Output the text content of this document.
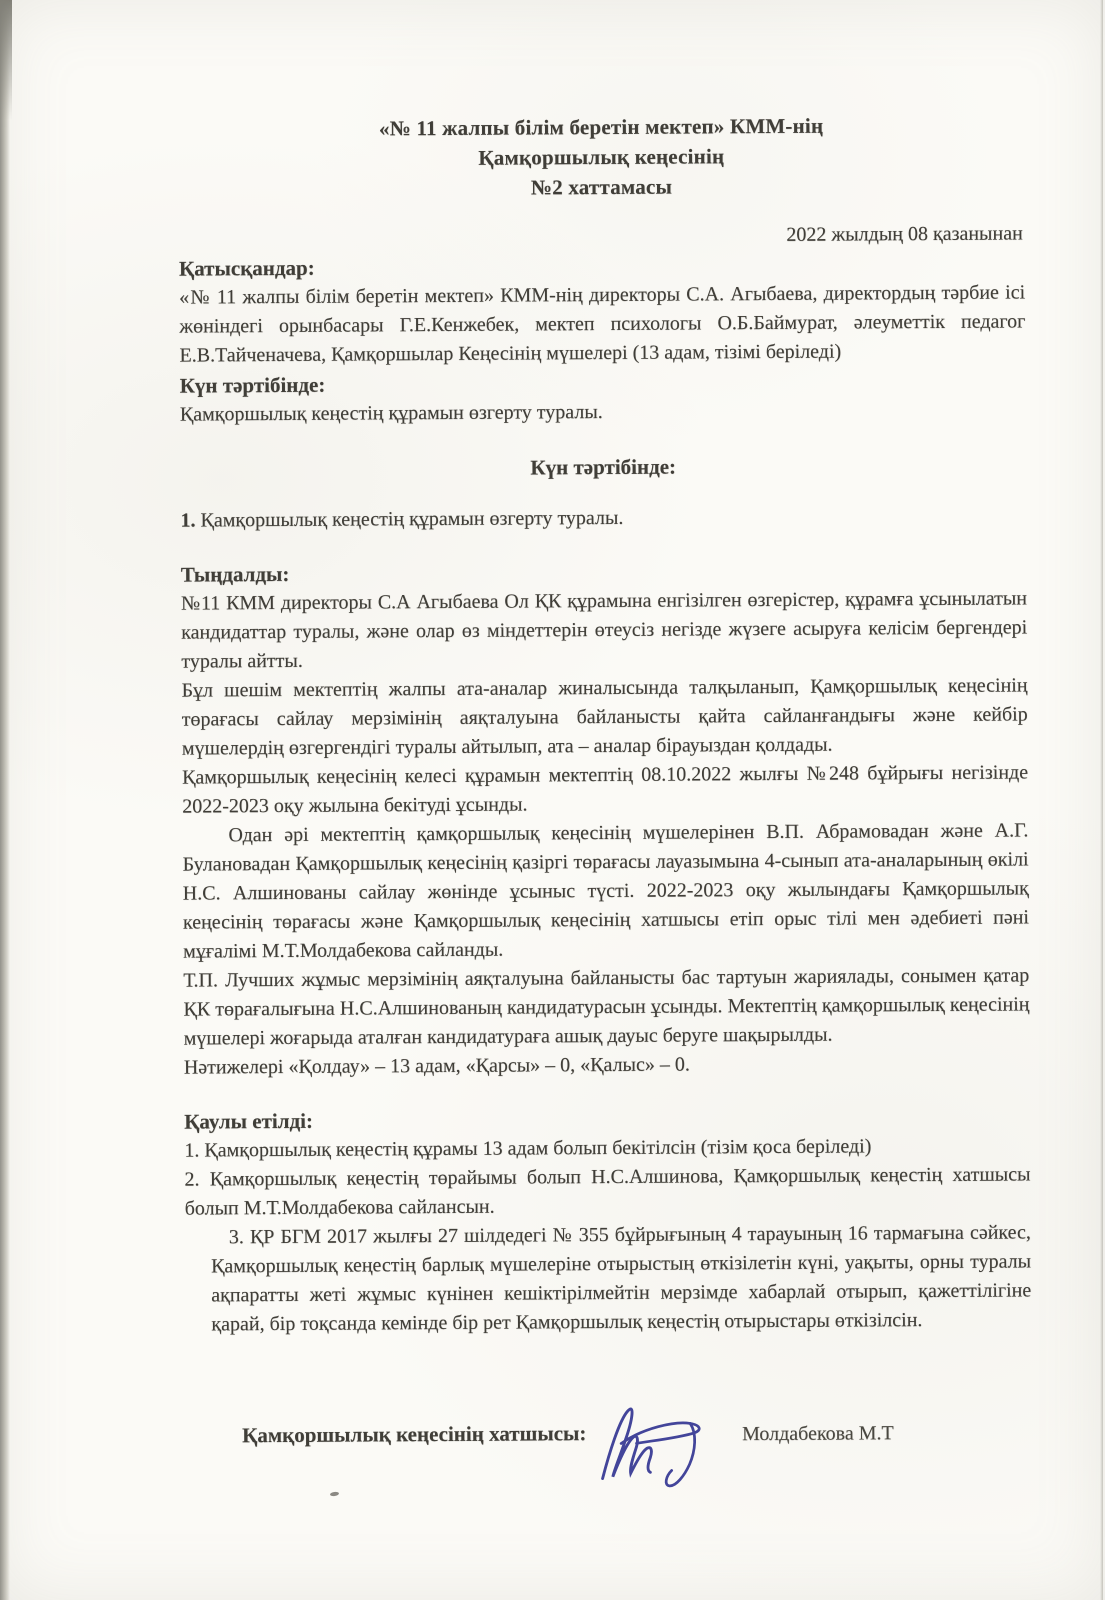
«№ 11 жалпы білім беретін мектеп» КММ-нің
Қамқоршылық кеңесінің
№2 хаттамасы
2022 жылдың 08 қазанынан
Қатысқандар:

«№ 11 жалпы білім беретін мектеп» КММ-нің директоры С.А. Агыбаева, директордың тәрбие ісі жөніндегі орынбасары Г.Е.Кенжебек, мектеп психологы О.Б.Баймурат, әлеуметтік педагог Е.В.Тайченачева, Қамқоршылар Кеңесінің мүшелері (13 адам, тізімі беріледі)

Күн тәртібінде:

Қамқоршылық кеңестің құрамын өзгерту туралы.

Күн тәртібінде:

1. Қамқоршылық кеңестің құрамын өзгерту туралы.

Тыңдалды:

№11 КММ директоры С.А Агыбаева Ол ҚК құрамына енгізілген өзгерістер, құрамға ұсынылатын кандидаттар туралы, және олар өз міндеттерін өтеусіз негізде жүзеге асыруға келісім бергендері туралы айтты.

Бұл шешім мектептің жалпы ата-аналар жиналысында талқыланып, Қамқоршылық кеңесінің төрағасы сайлау мерзімінің аяқталуына байланысты қайта сайланғандығы және кейбір мүшелердің өзгергендігі туралы айтылып, ата – аналар бірауыздан қолдады.

Қамқоршылық кеңесінің келесі құрамын мектептің 08.10.2022 жылғы №248 бұйрығы негізінде 2022-2023 оқу жылына бекітуді ұсынды.

Одан әрі мектептің қамқоршылық кеңесінің мүшелерінен В.П. Абрамовадан және А.Г. Булановадан Қамқоршылық кеңесінің қазіргі төрағасы лауазымына 4-сынып ата-аналарының өкілі Н.С. Алшинованы сайлау жөнінде ұсыныс түсті. 2022-2023 оқу жылындағы Қамқоршылық кеңесінің төрағасы және Қамқоршылық кеңесінің хатшысы етіп орыс тілі мен әдебиеті пәні мұғалімі М.Т.Молдабекова сайланды.

Т.П. Лучших жұмыс мерзімінің аяқталуына байланысты бас тартуын жариялады, сонымен қатар ҚК төрағалығына Н.С.Алшинованың кандидатурасын ұсынды. Мектептің қамқоршылық кеңесінің мүшелері жоғарыда аталған кандидатураға ашық дауыс беруге шақырылды.

Нәтижелері «Қолдау» – 13 адам, «Қарсы» – 0, «Қалыс» – 0.

Қаулы етілді:

1. Қамқоршылық кеңестің құрамы 13 адам болып бекітілсін (тізім қоса беріледі)

2. Қамқоршылық кеңестің төрайымы болып Н.С.Алшинова, Қамқоршылық кеңестің хатшысы болып М.Т.Молдабекова сайлансын.

3. ҚР БГМ 2017 жылғы 27 шілдедегі № 355 бұйрығының 4 тарауының 16 тармағына сәйкес, Қамқоршылық кеңестің барлық мүшелеріне отырыстың өткізілетін күні, уақыты, орны туралы ақпаратты жеті жұмыс күнінен кешіктірілмейтін мерзімде хабарлай отырып, қажеттілігіне қарай, бір тоқсанда кемінде бір рет Қамқоршылық кеңестің отырыстары өткізілсін.

Қамқоршылық кеңесінің хатшысы:	Молдабекова М.Т
